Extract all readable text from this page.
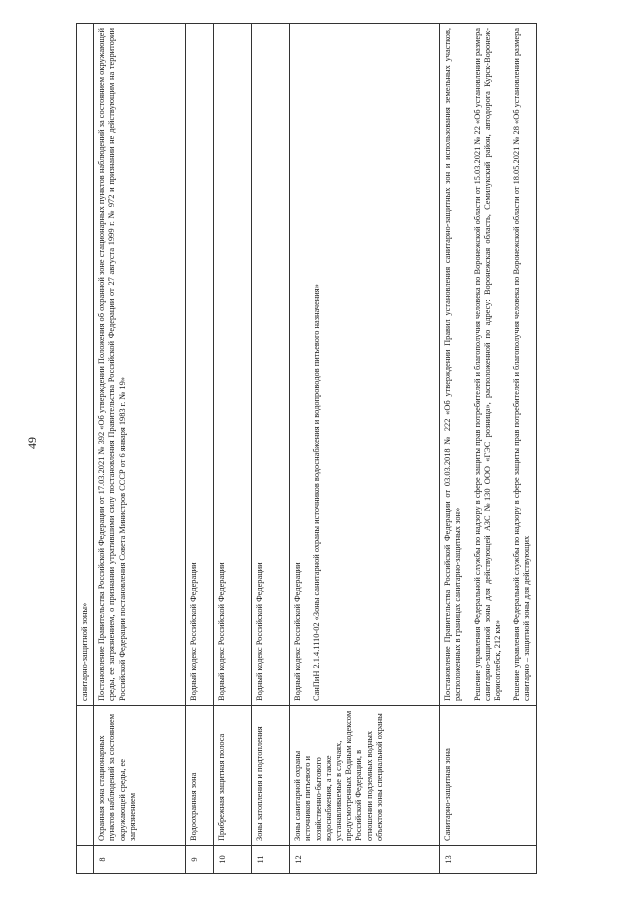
49

		санитарно-защитной зоны»

8	Охранная зона стационарных пунктов наблюдений за состоянием окружающей среды, ее загрязнением	Постановление Правительства Российской Федерации от 17.03.2021 № 392 «Об утверждении Положения об охранной зоне стационарных пунктов наблюдений за состоянием окружающей среды, ее загрязнением, о признании утратившими силу постановления Правительства Российской Федерации от 27 августа 1999 г. № 972 и признании не действующим на территории Российской Федерации постановления Совета Министров СССР от 6 января 1983 г. № 19»

9	Водоохранная зона	Водный кодекс Российской Федерации

10	Прибрежная защитная полоса	Водный кодекс Российской Федерации

11	Зоны затопления и подтопления	Водный кодекс Российской Федерации

12	Зоны санитарной охраны источников питьевого и хозяйственно-бытового водоснабжения, а также устанавливаемые в случаях, предусмотренных Водным кодексом Российской Федерации, в отношении подземных водных объектов зоны специальной охраны	Водный кодекс Российской Федерации СанПиН 2.1.4.1110-02 «Зоны санитарной охраны источников водоснабжения и водопроводов питьевого назначения»

13	Санитарно-защитная зона	Постановление Правительства Российской Федерации от 03.03.2018 № 222 «Об утверждении Правил установления санитарно-защитных зон и использования земельных участков, расположенных в границах санитарно-защитных зон» Решение управления Федеральной службы по надзору в сфере защиты прав потребителей и благополучия человека по Воронежской области от 15.03.2021 № 22 «Об установлении размера санитарно-защитной зоны для действующей АЗС №130 ООО «ГЭС розница», расположенной по адресу: Воронежская область, Семилукский район, автодорога Курск-Воронеж-Борисоглебск, 212 км» Решение управления Федеральной службы по надзору в сфере защиты прав потребителей и благополучия человека по Воронежской области от 18.05.2021 № 28 «Об установлении размера санитарно – защитной зоны для действующих
